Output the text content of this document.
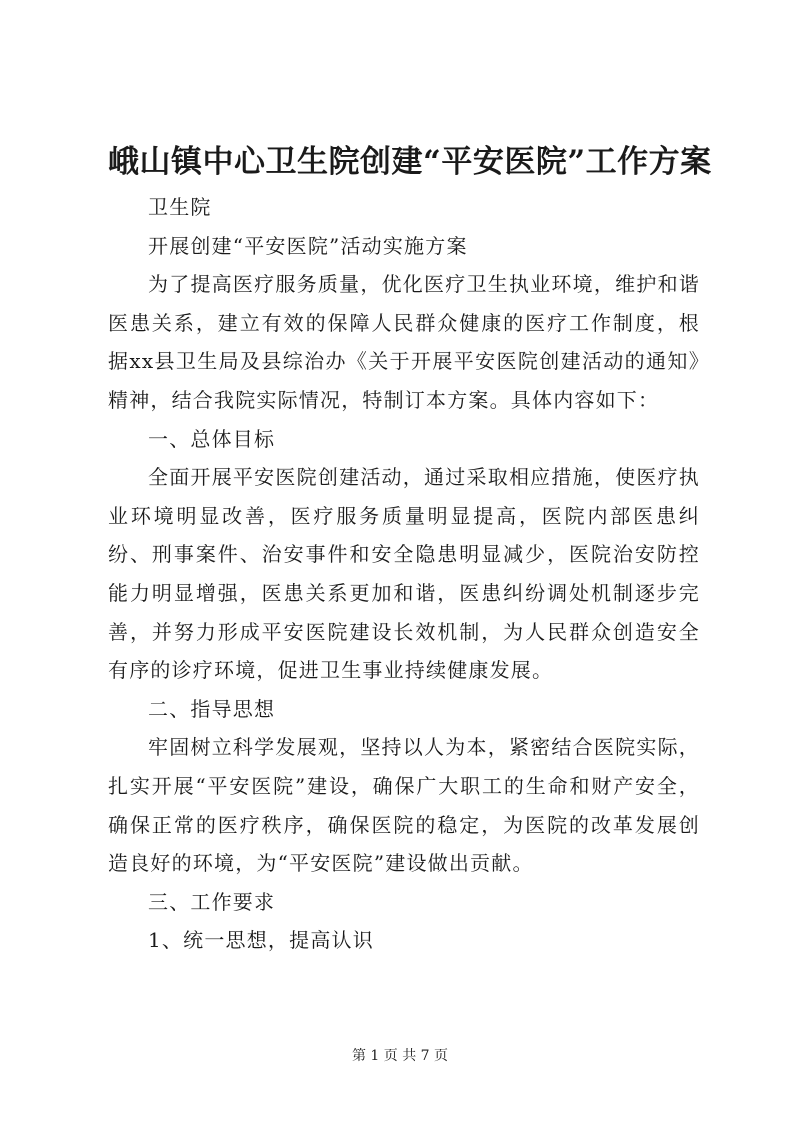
峨山镇中心卫生院创建“平安医院”工作方案

卫生院

开展创建“平安医院”活动实施方案

为了提高医疗服务质量，优化医疗卫生执业环境，维护和谐医患关系，建立有效的保障人民群众健康的医疗工作制度，根据xx县卫生局及县综治办《关于开展平安医院创建活动的通知》精神，结合我院实际情况，特制订本方案。具体内容如下：

一、总体目标

全面开展平安医院创建活动，通过采取相应措施，使医疗执业环境明显改善，医疗服务质量明显提高，医院内部医患纠纷、刑事案件、治安事件和安全隐患明显减少，医院治安防控能力明显增强，医患关系更加和谐，医患纠纷调处机制逐步完善，并努力形成平安医院建设长效机制，为人民群众创造安全有序的诊疗环境，促进卫生事业持续健康发展。

二、指导思想

牢固树立科学发展观，坚持以人为本，紧密结合医院实际，扎实开展“平安医院”建设，确保广大职工的生命和财产安全，确保正常的医疗秩序，确保医院的稳定，为医院的改革发展创造良好的环境，为“平安医院”建设做出贡献。

三、工作要求

1、统一思想，提高认识

第 1 页 共 7 页
